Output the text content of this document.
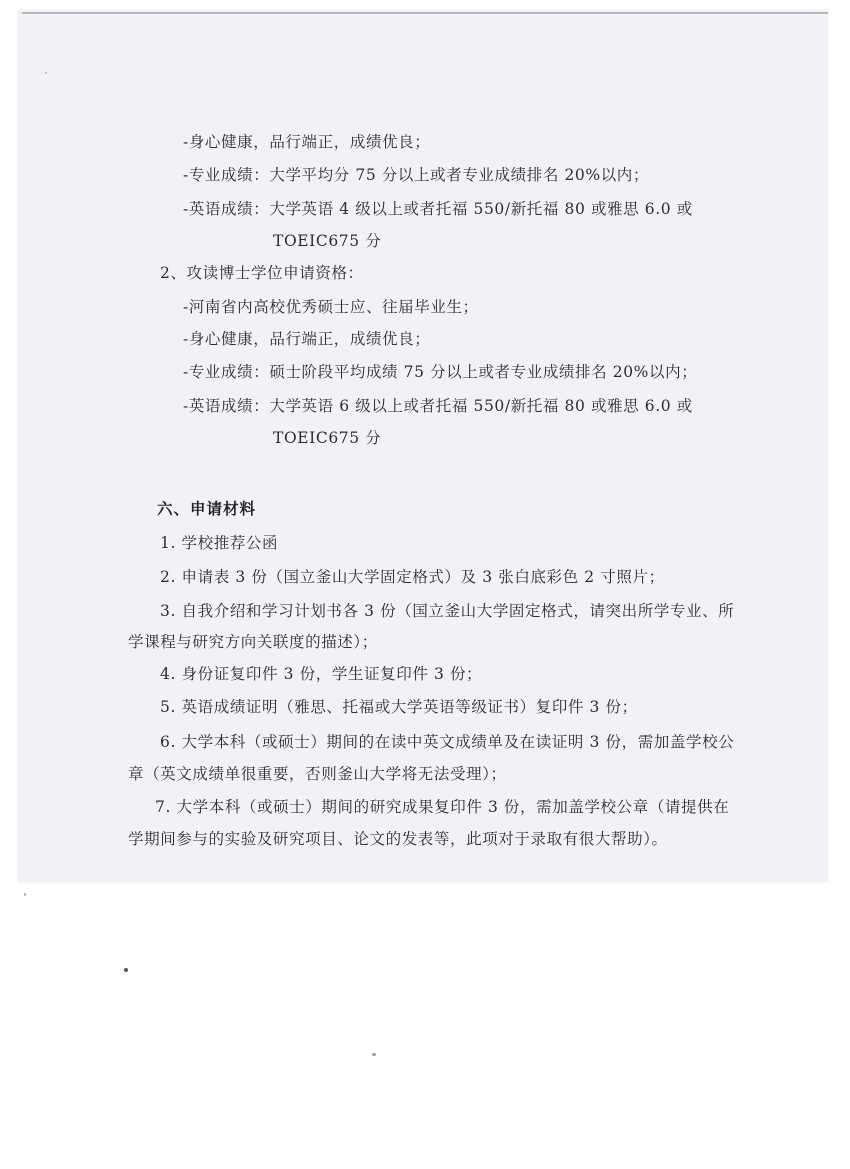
-身心健康，品行端正，成绩优良；
-专业成绩：大学平均分 75 分以上或者专业成绩排名 20%以内；
-英语成绩：大学英语 4 级以上或者托福 550/新托福 80 或雅思 6.0 或
TOEIC675 分
2、攻读博士学位申请资格：
-河南省内高校优秀硕士应、往届毕业生；
-身心健康，品行端正，成绩优良；
-专业成绩：硕士阶段平均成绩 75 分以上或者专业成绩排名 20%以内；
-英语成绩：大学英语 6 级以上或者托福 550/新托福 80 或雅思 6.0 或
TOEIC675 分
六、申请材料
1. 学校推荐公函
2. 申请表 3 份（国立釜山大学固定格式）及 3 张白底彩色 2 寸照片；
3. 自我介绍和学习计划书各 3 份（国立釜山大学固定格式，请突出所学专业、所
学课程与研究方向关联度的描述）；
4. 身份证复印件 3 份，学生证复印件 3 份；
5. 英语成绩证明（雅思、托福或大学英语等级证书）复印件 3 份；
6. 大学本科（或硕士）期间的在读中英文成绩单及在读证明 3 份，需加盖学校公
章（英文成绩单很重要，否则釜山大学将无法受理）；
7. 大学本科（或硕士）期间的研究成果复印件 3 份，需加盖学校公章（请提供在
学期间参与的实验及研究项目、论文的发表等，此项对于录取有很大帮助）。
